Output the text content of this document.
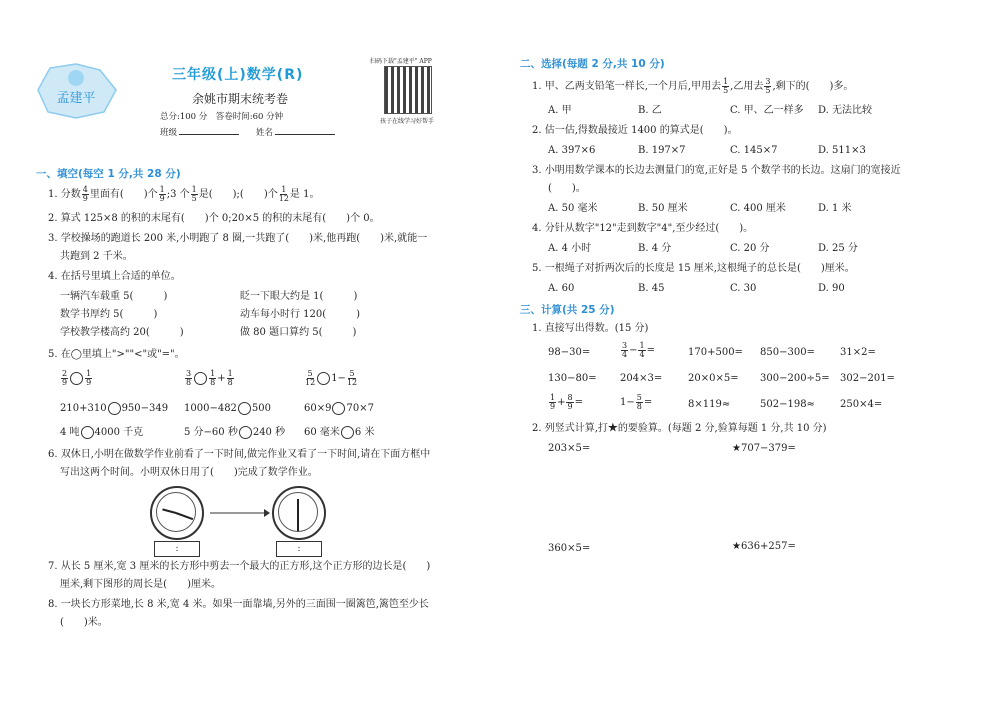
孟建平
三年级(上)数学(R)
余姚市期末统考卷
总分:100 分　答卷时间:60 分钟
班级	姓名
扫码下载"孟建平" APP
孩子在线学习好帮手
一、填空(每空 1 分,共 28 分)
1. 分数 $\frac{4}{9}$ 里面有(　　)个 $\frac{1}{9}$ ;3 个 $\frac{1}{5}$ 是(　　);(　　)个 $\frac{1}{12}$ 是 1。
2. 算式 125×8 的积的末尾有(　　)个 0;20×5 的积的末尾有(　　)个 0。
3. 学校操场的跑道长 200 米,小明跑了 8 圈,一共跑了(　　)米,他再跑(　　)米,就能一
共跑到 2 千米。
4. 在括号里填上合适的单位。
一辆汽车载重 5(　　　)	眨一下眼大约是 1(　　　)
数学书厚约 5(　　　)	动车每小时行 120(　　　)
学校教学楼高约 20(　　　)	做 80 题口算约 5(　　　)
5. 在◯里填上">""<"或"="。
$\frac{2}{9} \frac{1}{9}$	$\frac{3}{8} \frac{1}{8} + \frac{1}{8}$	$\frac{5}{12} 1- \frac{5}{12}$
210+310 950−349 1000−482 500	60×9 70×7
4 吨 4000 千克	5 分−60 秒 240 秒 60 毫米 6 米
6. 双休日,小明在做数学作业前看了一下时间,做完作业又看了一下时间,请在下面方框中
写出这两个时间。小明双休日用了(　　)完成了数学作业。
:	:
7. 从长 5 厘米,宽 3 厘米的长方形中剪去一个最大的正方形,这个正方形的边长是(　　)
厘米,剩下图形的周长是(　　)厘米。
8. 一块长方形菜地,长 8 米,宽 4 米。如果一面靠墙,另外的三面围一圈篱笆,篱笆至少长
(　　)米。
二、选择(每题 2 分,共 10 分)
1. 甲、乙两支铅笔一样长,一个月后,甲用去 $\frac{1}{5}$ ,乙用去 $\frac{3}{5}$ ,剩下的(　　)多。
A. 甲	B. 乙	C. 甲、乙一样多 D. 无法比较
2. 估一估,得数最接近 1400 的算式是(　　)。
A. 397×6	B. 197×7	C. 145×7	D. 511×3
3. 小明用数学课本的长边去测量门的宽,正好是 5 个数学书的长边。这扇门的宽接近
(　　)。
A. 50 毫米	B. 50 厘米	C. 400 厘米	D. 1 米
4. 分针从数字"12"走到数字"4",至少经过(　　)。
A. 4 小时	B. 4 分	C. 20 分	D. 25 分
5. 一根绳子对折两次后的长度是 15 厘米,这根绳子的总长是(　　)厘米。
A. 60	B. 45	C. 30	D. 90
三、计算(共 25 分)
1. 直接写出得数。(15 分)
98−30=	$\frac{3}{4} - \frac{1}{4}$ =	170+500= 850−300=	31×2=
130−80= 204×3=	20×0×5= 300−200÷5= 302−201=
$\frac{1}{9} + \frac{8}{9}$ =	$1- \frac{5}{8}$ =	8×119≈	502−198≈	250×4=
2. 列竖式计算,打★的要验算。(每题 2 分,验算每题 1 分,共 10 分)
203×5=	★707−379=
360×5=	★636+257=
